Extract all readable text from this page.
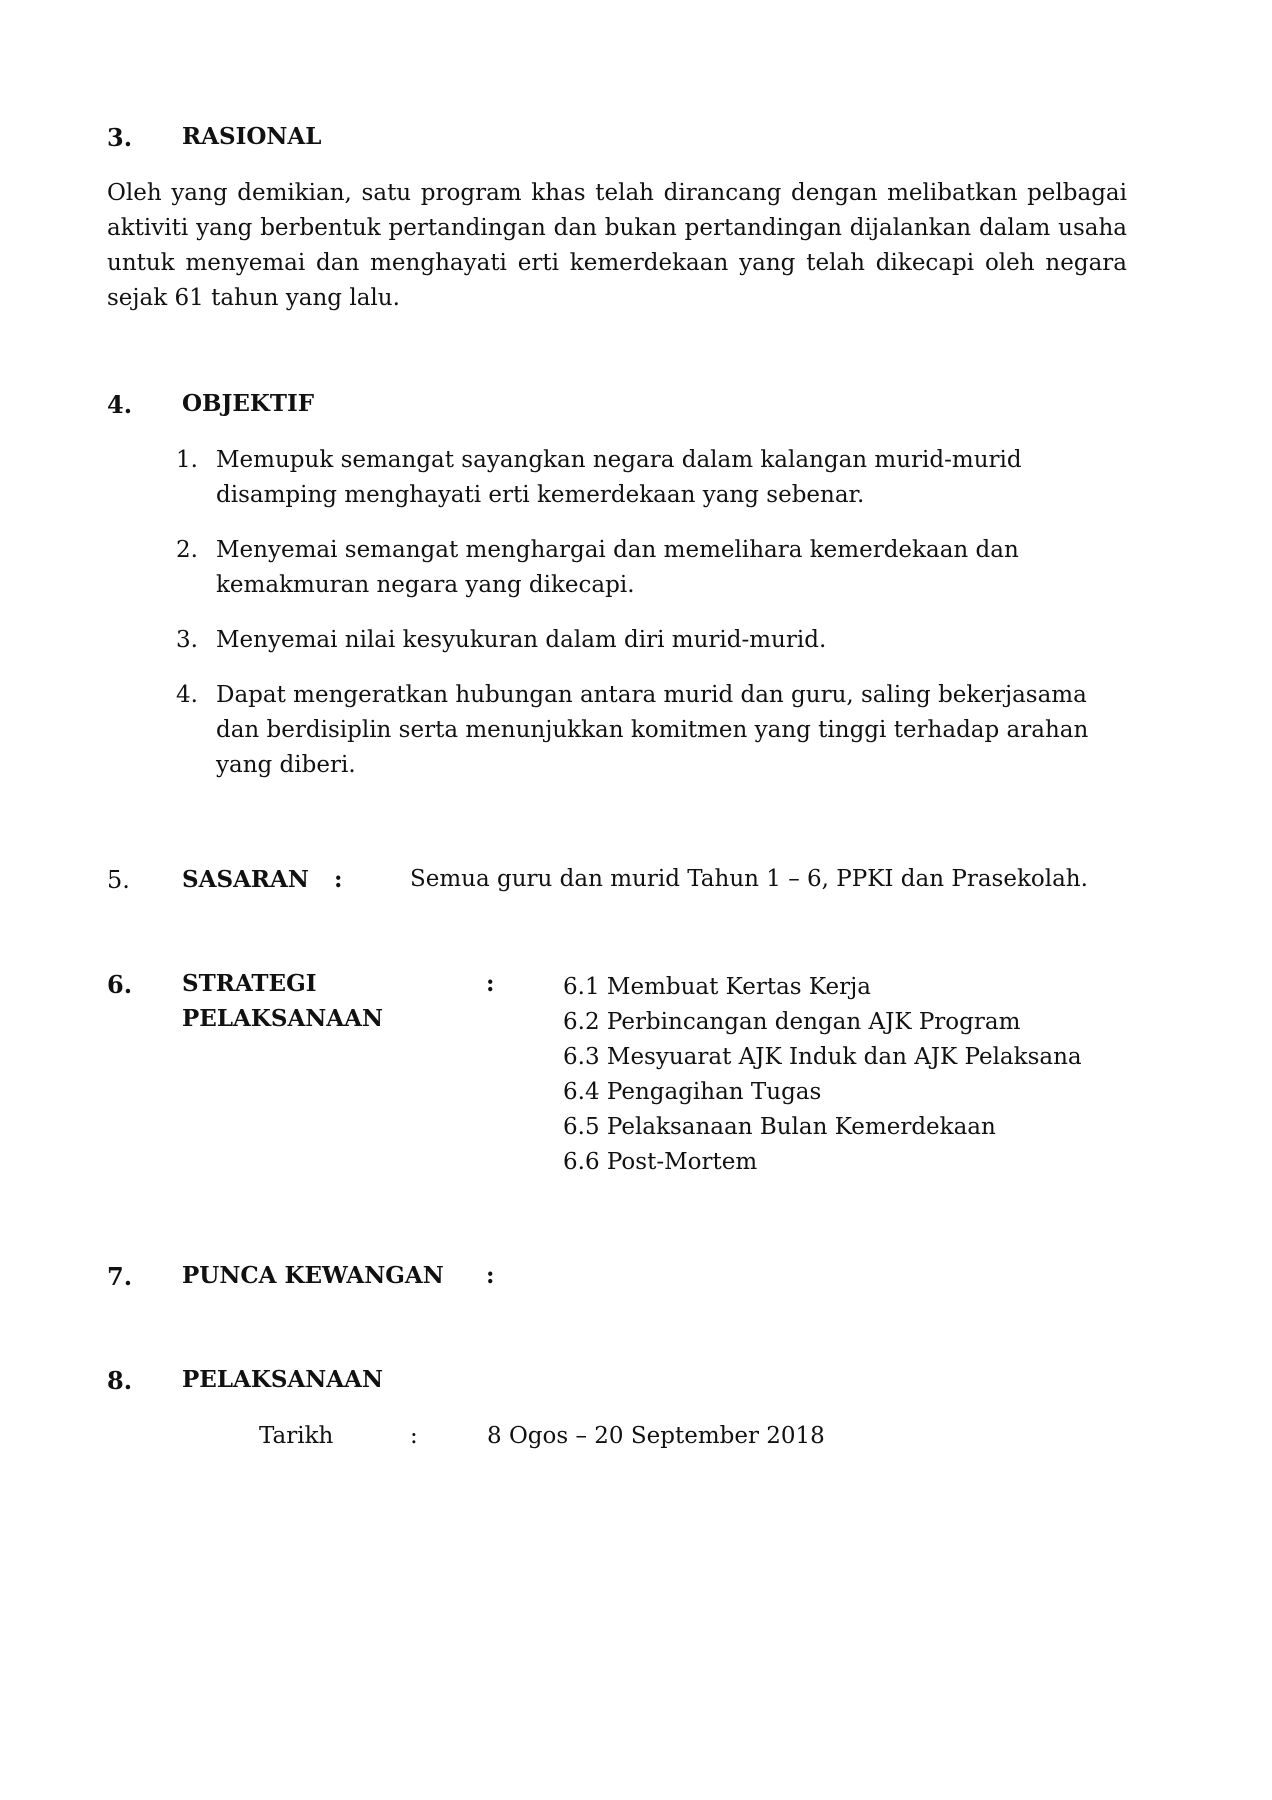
3. RASIONAL
Oleh yang demikian, satu program khas telah dirancang dengan melibatkan pelbagai aktiviti yang berbentuk pertandingan dan bukan pertandingan dijalankan dalam usaha untuk menyemai dan menghayati erti kemerdekaan yang telah dikecapi oleh negara sejak 61 tahun yang lalu.
4. OBJEKTIF
1. Memupuk semangat sayangkan negara dalam kalangan murid-murid disamping menghayati erti kemerdekaan yang sebenar.
2. Menyemai semangat menghargai dan memelihara kemerdekaan dan kemakmuran negara yang dikecapi.
3. Menyemai nilai kesyukuran dalam diri murid-murid.
4. Dapat mengeratkan hubungan antara murid dan guru, saling bekerjasama dan berdisiplin serta menunjukkan komitmen yang tinggi terhadap arahan yang diberi.
5. SASARAN :	Semua guru dan murid Tahun 1 – 6, PPKI dan Prasekolah.
6. STRATEGI
PELAKSANAAN
:	6.1 Membuat Kertas Kerja
6.2 Perbincangan dengan AJK Program
6.3 Mesyuarat AJK Induk dan AJK Pelaksana
6.4 Pengagihan Tugas
6.5 Pelaksanaan Bulan Kemerdekaan
6.6 Post-Mortem
7. PUNCA KEWANGAN :
8. PELAKSANAAN
Tarikh	:	8 Ogos – 20 September 2018
